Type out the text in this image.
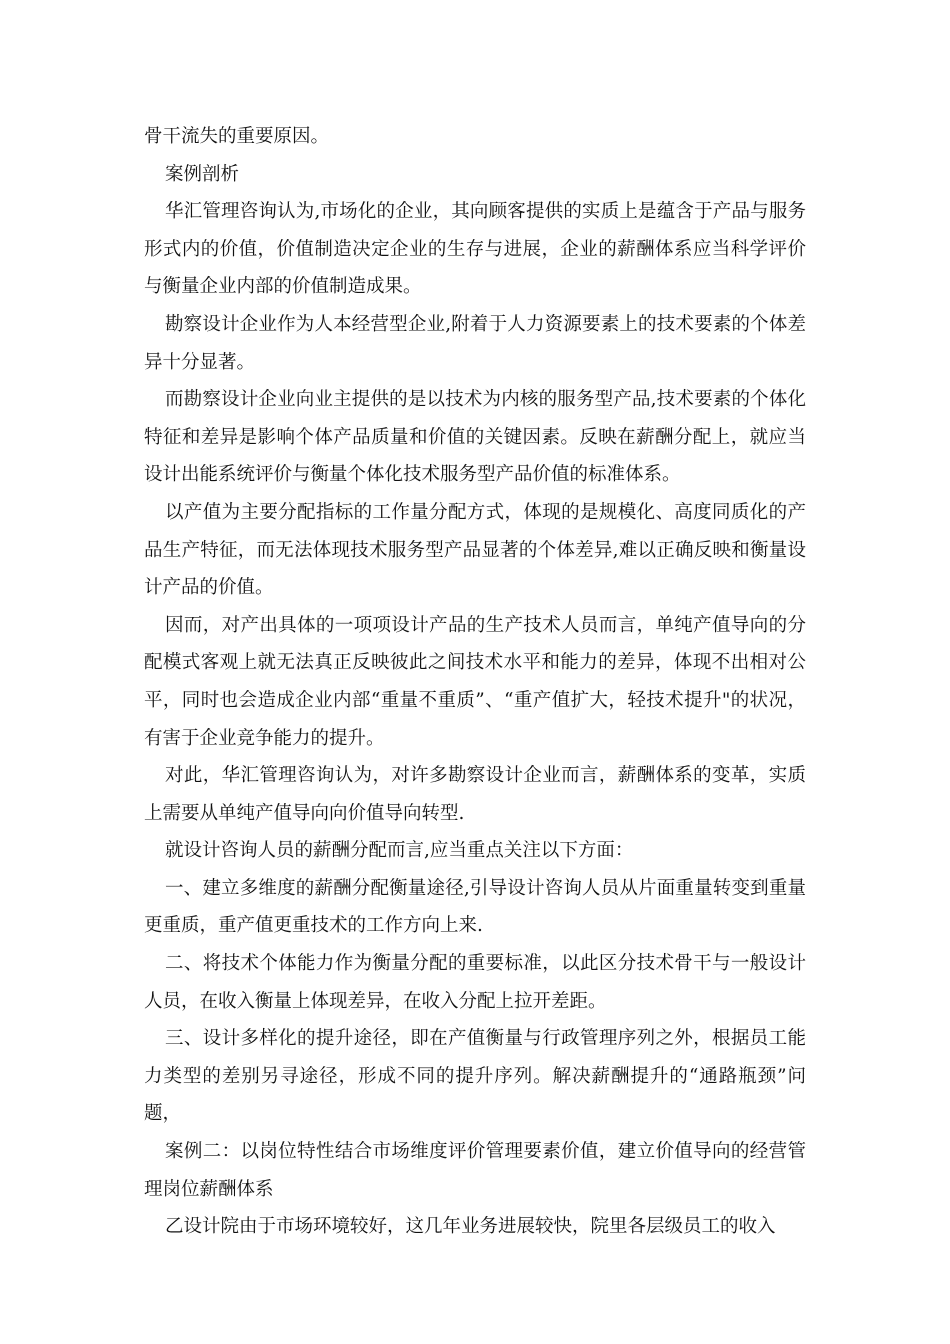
骨干流失的重要原因。

案例剖析

华汇管理咨询认为,市场化的企业，其向顾客提供的实质上是蕴含于产品与服务形式内的价值，价值制造决定企业的生存与进展，企业的薪酬体系应当科学评价与衡量企业内部的价值制造成果。

勘察设计企业作为人本经营型企业,附着于人力资源要素上的技术要素的个体差异十分显著。

而勘察设计企业向业主提供的是以技术为内核的服务型产品,技术要素的个体化特征和差异是影响个体产品质量和价值的关键因素。反映在薪酬分配上，就应当设计出能系统评价与衡量个体化技术服务型产品价值的标准体系。

以产值为主要分配指标的工作量分配方式，体现的是规模化、高度同质化的产品生产特征，而无法体现技术服务型产品显著的个体差异,难以正确反映和衡量设计产品的价值。

因而，对产出具体的一项项设计产品的生产技术人员而言，单纯产值导向的分配模式客观上就无法真正反映彼此之间技术水平和能力的差异，体现不出相对公平，同时也会造成企业内部“重量不重质”、“重产值扩大，轻技术提升"的状况，有害于企业竞争能力的提升。

对此，华汇管理咨询认为，对许多勘察设计企业而言，薪酬体系的变革，实质上需要从单纯产值导向向价值导向转型.

就设计咨询人员的薪酬分配而言,应当重点关注以下方面：

一、建立多维度的薪酬分配衡量途径,引导设计咨询人员从片面重量转变到重量更重质，重产值更重技术的工作方向上来.

二、将技术个体能力作为衡量分配的重要标准，以此区分技术骨干与一般设计人员，在收入衡量上体现差异，在收入分配上拉开差距。

三、设计多样化的提升途径，即在产值衡量与行政管理序列之外，根据员工能力类型的差别另寻途径，形成不同的提升序列。解决薪酬提升的“通路瓶颈”问题，

案例二：以岗位特性结合市场维度评价管理要素价值，建立价值导向的经营管理岗位薪酬体系

乙设计院由于市场环境较好，这几年业务进展较快，院里各层级员工的收入
